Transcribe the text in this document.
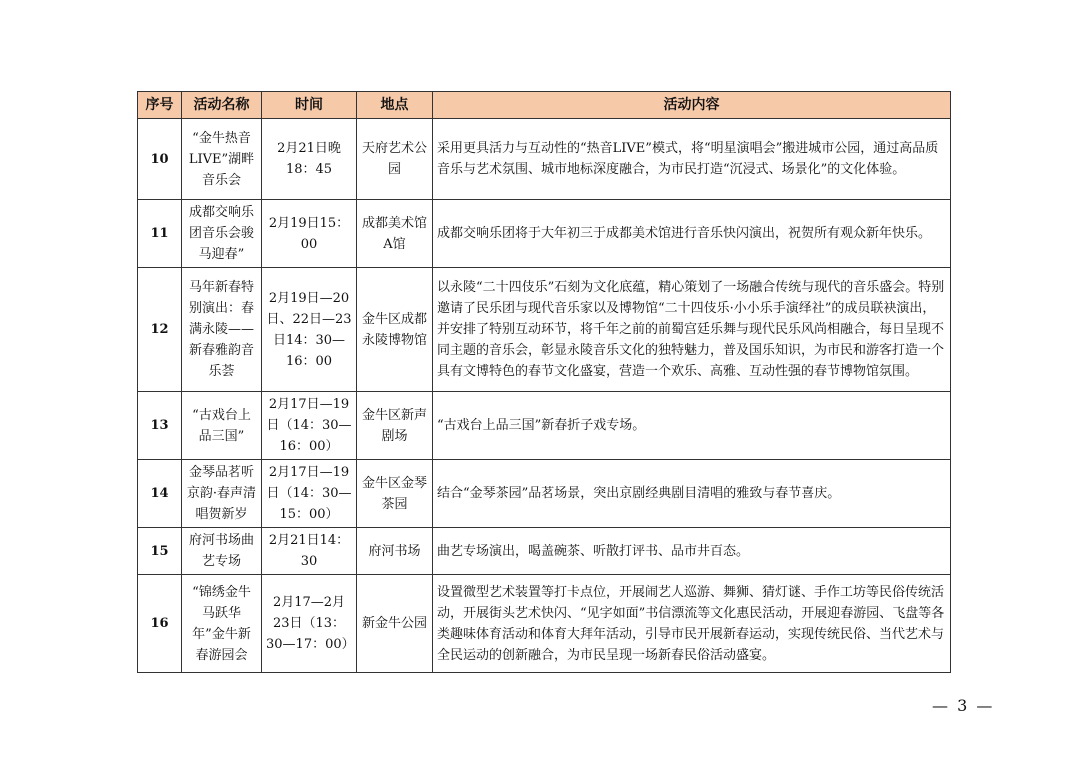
序号	活动名称	时间	地点	活动内容
10	“金牛热音LIVE”湖畔音乐会	2月21日晚18：45	天府艺术公园	采用更具活力与互动性的“热音LIVE”模式，将“明星演唱会”搬进城市公园，通过高品质音乐与艺术氛围、城市地标深度融合，为市民打造“沉浸式、场景化”的文化体验。
11	成都交响乐团音乐会骏马迎春”	2月19日15：00	成都美术馆A馆	成都交响乐团将于大年初三于成都美术馆进行音乐快闪演出，祝贺所有观众新年快乐。
12	马年新春特别演出：春满永陵——新春雅韵音乐荟	2月19日—20日、22日—23日14：30—16：00	金牛区成都永陵博物馆	以永陵“二十四伎乐”石刻为文化底蕴，精心策划了一场融合传统与现代的音乐盛会。特别邀请了民乐团与现代音乐家以及博物馆“二十四伎乐·小小乐手演绎社”的成员联袂演出，并安排了特别互动环节，将千年之前的前蜀宫廷乐舞与现代民乐风尚相融合，每日呈现不同主题的音乐会，彰显永陵音乐文化的独特魅力，普及国乐知识，为市民和游客打造一个具有文博特色的春节文化盛宴，营造一个欢乐、高雅、互动性强的春节博物馆氛围。
13	“古戏台上品三国”	2月17日—19日（14：30—16：00）	金牛区新声剧场	“古戏台上品三国”新春折子戏专场。
14	金琴品茗听京韵·春声清唱贺新岁	2月17日—19日（14：30—15：00）	金牛区金琴茶园	结合“金琴茶园”品茗场景，突出京剧经典剧目清唱的雅致与春节喜庆。
15	府河书场曲艺专场	2月21日14：30	府河书场	曲艺专场演出，喝盖碗茶、听散打评书、品市井百态。
16	“锦绣金牛马跃华年”金牛新春游园会	2月17—2月23日（13：30—17：00）	新金牛公园	设置微型艺术装置等打卡点位，开展闹艺人巡游、舞狮、猜灯谜、手作工坊等民俗传统活动，开展街头艺术快闪、“见字如面”书信漂流等文化惠民活动，开展迎春游园、飞盘等各类趣味体育活动和体育大拜年活动，引导市民开展新春运动，实现传统民俗、当代艺术与全民运动的创新融合，为市民呈现一场新春民俗活动盛宴。
— 3 —
